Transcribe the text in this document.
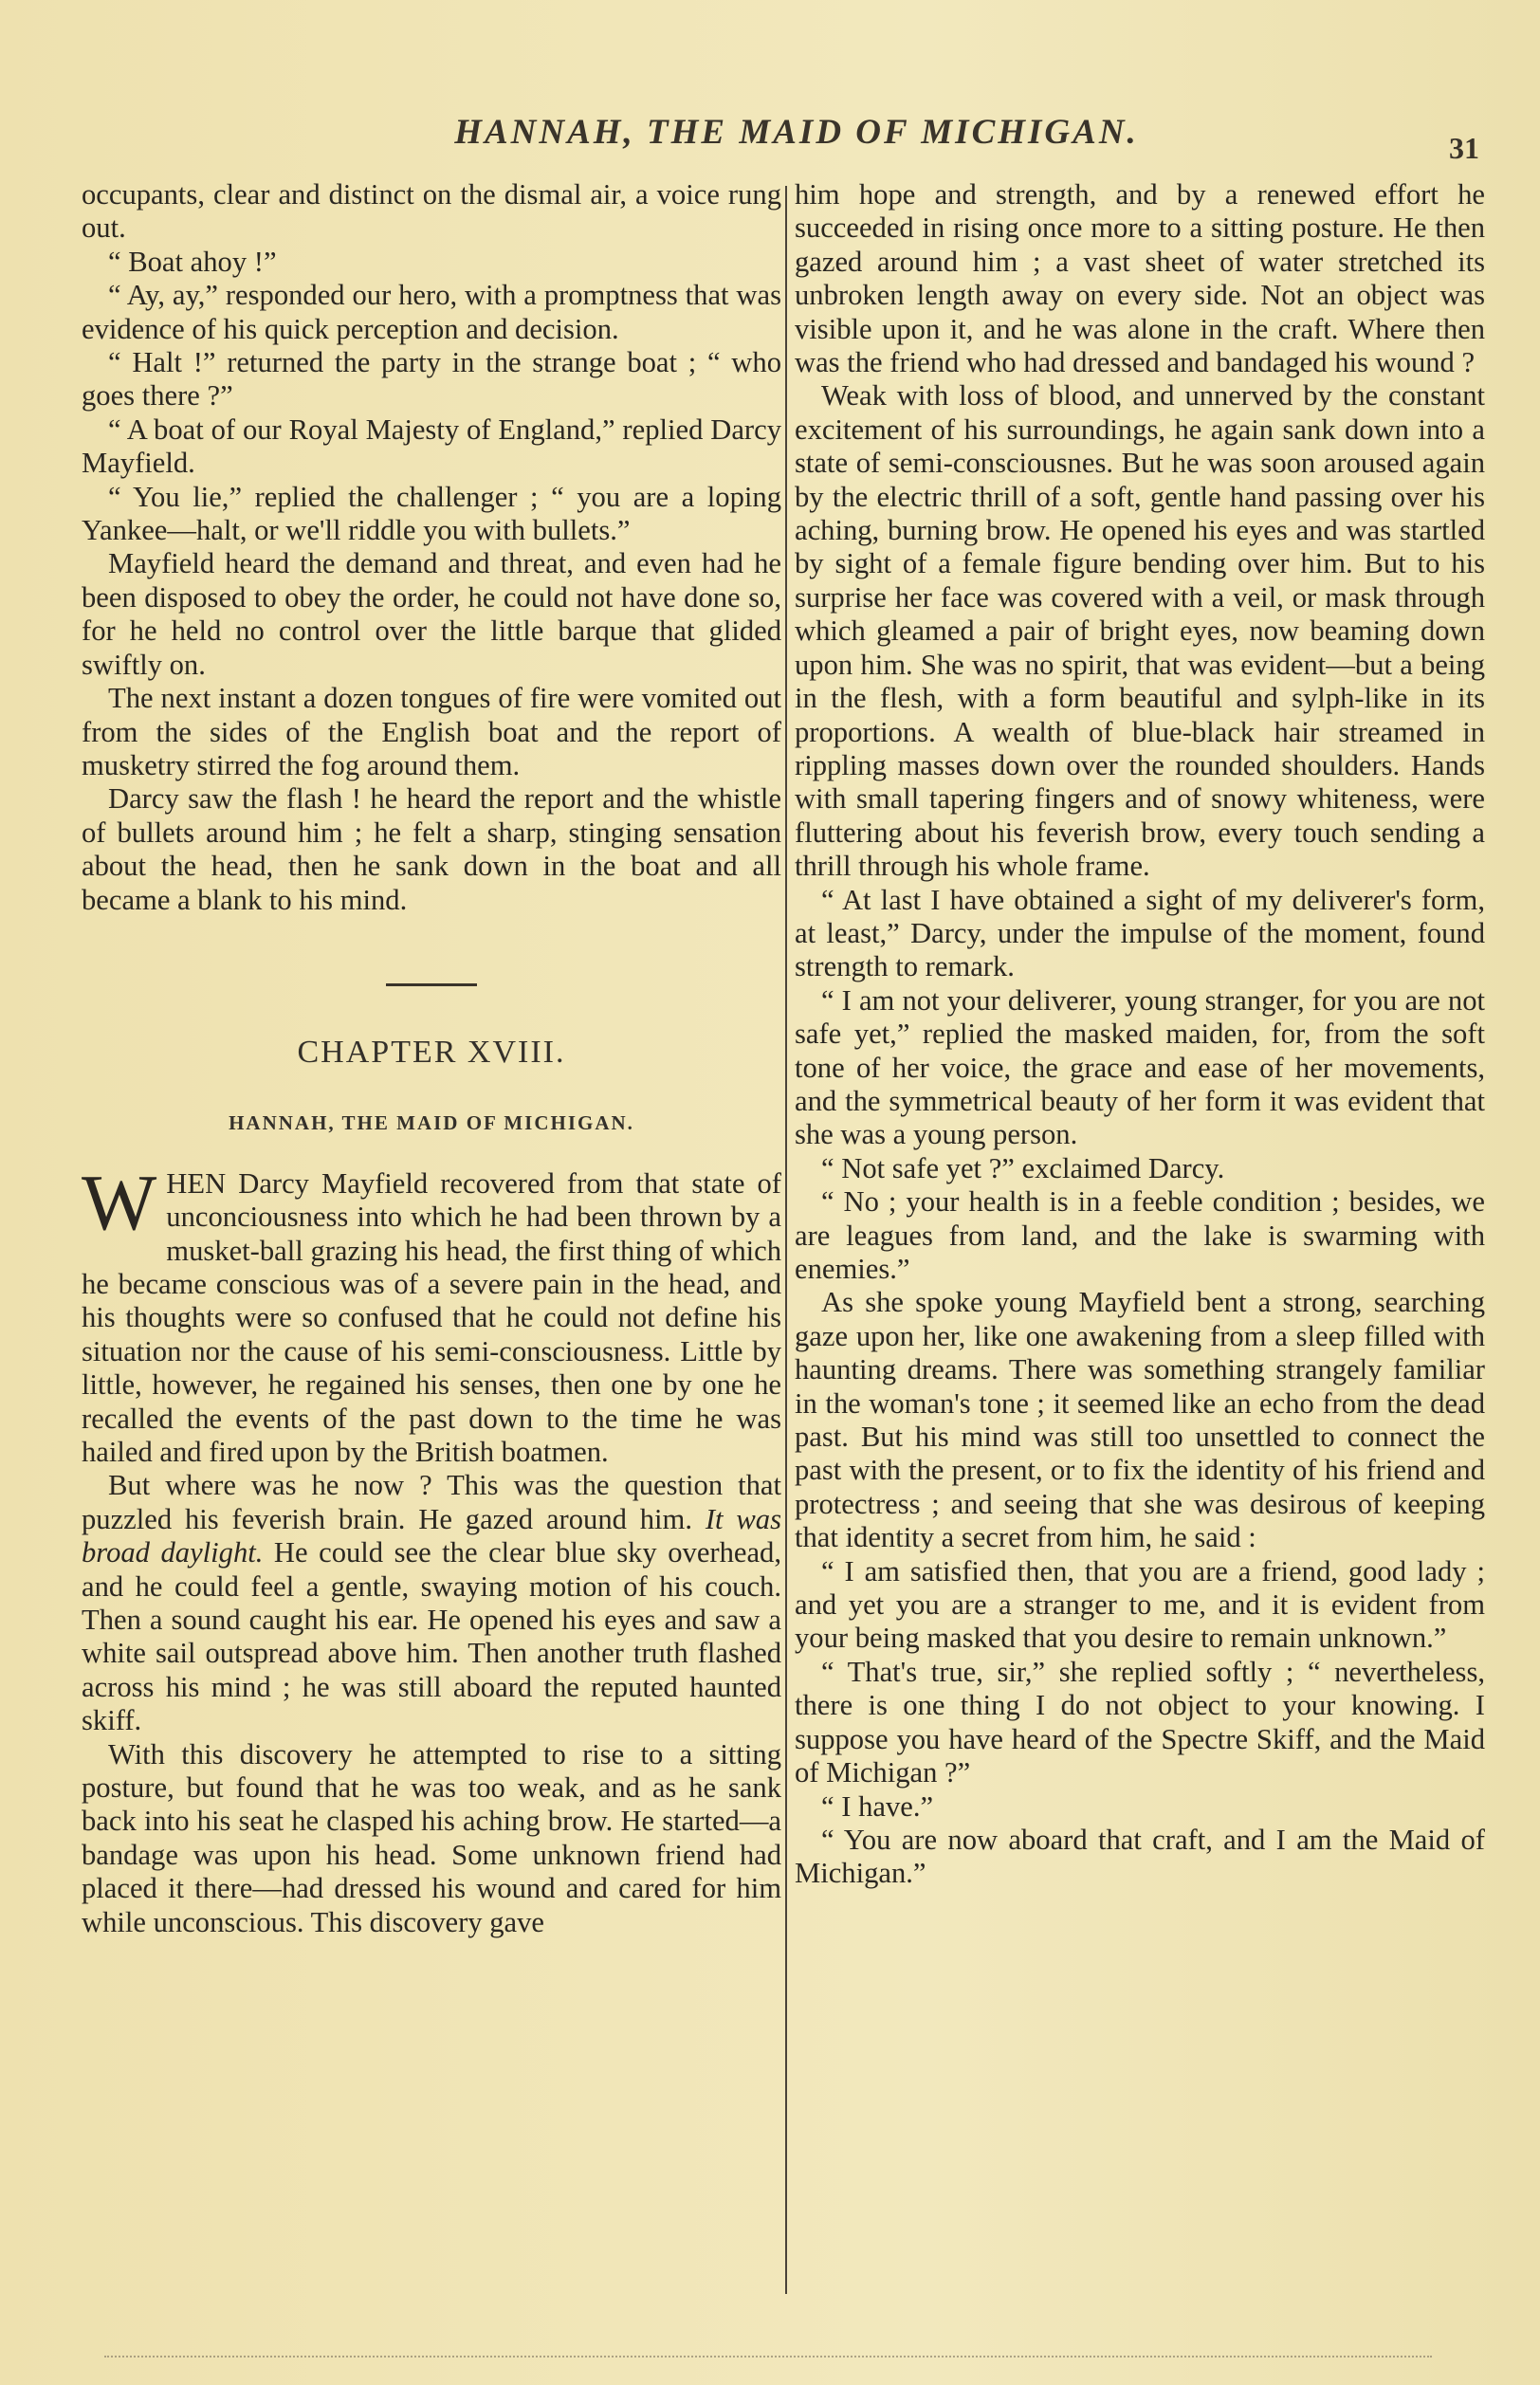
HANNAH, THE MAID OF MICHIGAN.	31

occupants, clear and distinct on the dismal air, a voice rung out.

“ Boat ahoy !”

“ Ay, ay,” responded our hero, with a promptness that was evidence of his quick perception and decision.

“ Halt !” returned the party in the strange boat ; “ who goes there ?”

“ A boat of our Royal Majesty of England,” replied Darcy Mayfield.

“ You lie,” replied the challenger ; “ you are a loping Yankee—halt, or we'll riddle you with bullets.”

Mayfield heard the demand and threat, and even had he been disposed to obey the order, he could not have done so, for he held no control over the little barque that glided swiftly on.

The next instant a dozen tongues of fire were vomited out from the sides of the English boat and the report of musketry stirred the fog around them.

Darcy saw the flash ! he heard the report and the whistle of bullets around him ; he felt a sharp, stinging sensation about the head, then he sank down in the boat and all became a blank to his mind.

CHAPTER XVIII.
HANNAH, THE MAID OF MICHIGAN.

WHEN Darcy Mayfield recovered from that state of unconciousness into which he had been thrown by a musket-ball grazing his head, the first thing of which he became conscious was of a severe pain in the head, and his thoughts were so confused that he could not define his situation nor the cause of his semi-consciousness. Little by little, however, he regained his senses, then one by one he recalled the events of the past down to the time he was hailed and fired upon by the British boatmen.

But where was he now ? This was the question that puzzled his feverish brain. He gazed around him. It was broad daylight. He could see the clear blue sky overhead, and he could feel a gentle, swaying motion of his couch. Then a sound caught his ear. He opened his eyes and saw a white sail outspread above him. Then another truth flashed across his mind ; he was still aboard the reputed haunted skiff.

With this discovery he attempted to rise to a sitting posture, but found that he was too weak, and as he sank back into his seat he clasped his aching brow. He started—a bandage was upon his head. Some unknown friend had placed it there—had dressed his wound and cared for him while unconscious. This discovery gave

him hope and strength, and by a renewed effort he succeeded in rising once more to a sitting posture. He then gazed around him ; a vast sheet of water stretched its unbroken length away on every side. Not an object was visible upon it, and he was alone in the craft. Where then was the friend who had dressed and bandaged his wound ?

Weak with loss of blood, and unnerved by the constant excitement of his surroundings, he again sank down into a state of semi-consciousnes. But he was soon aroused again by the electric thrill of a soft, gentle hand passing over his aching, burning brow. He opened his eyes and was startled by sight of a female figure bending over him. But to his surprise her face was covered with a veil, or mask through which gleamed a pair of bright eyes, now beaming down upon him. She was no spirit, that was evident—but a being in the flesh, with a form beautiful and sylph-like in its proportions. A wealth of blue-black hair streamed in rippling masses down over the rounded shoulders. Hands with small tapering fingers and of snowy whiteness, were fluttering about his feverish brow, every touch sending a thrill through his whole frame.

“ At last I have obtained a sight of my deliverer's form, at least,” Darcy, under the impulse of the moment, found strength to remark.

“ I am not your deliverer, young stranger, for you are not safe yet,” replied the masked maiden, for, from the soft tone of her voice, the grace and ease of her movements, and the symmetrical beauty of her form it was evident that she was a young person.

“ Not safe yet ?” exclaimed Darcy.

“ No ; your health is in a feeble condition ; besides, we are leagues from land, and the lake is swarming with enemies.”

As she spoke young Mayfield bent a strong, searching gaze upon her, like one awakening from a sleep filled with haunting dreams. There was something strangely familiar in the woman's tone ; it seemed like an echo from the dead past. But his mind was still too unsettled to connect the past with the present, or to fix the identity of his friend and protectress ; and seeing that she was desirous of keeping that identity a secret from him, he said :

“ I am satisfied then, that you are a friend, good lady ; and yet you are a stranger to me, and it is evident from your being masked that you desire to remain unknown.”

“ That's true, sir,” she replied softly ; “ nevertheless, there is one thing I do not object to your knowing. I suppose you have heard of the Spectre Skiff, and the Maid of Michigan ?”

“ I have.”

“ You are now aboard that craft, and I am the Maid of Michigan.”
